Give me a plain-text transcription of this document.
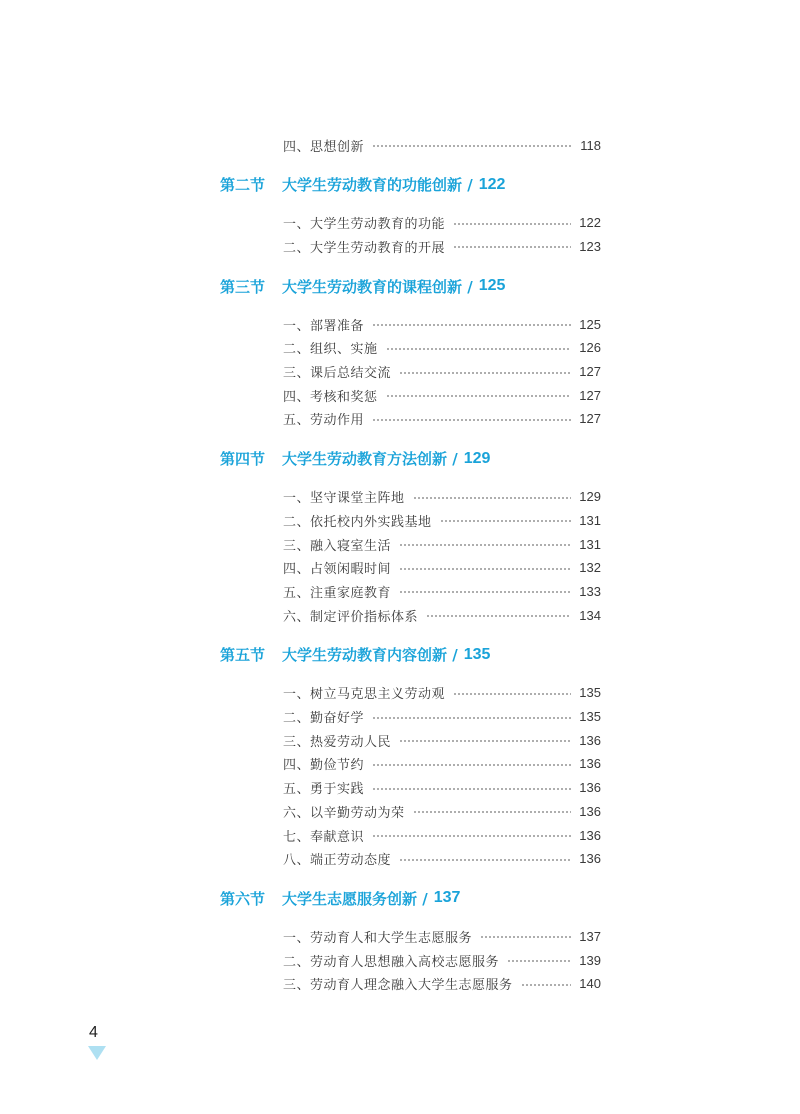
四、思想创新	118
第二节	大学生劳动教育的功能创新 / 122
一、大学生劳动教育的功能	122
二、大学生劳动教育的开展	123
第三节	大学生劳动教育的课程创新 / 125
一、部署准备	125
二、组织、实施	126
三、课后总结交流	127
四、考核和奖惩	127
五、劳动作用	127
第四节	大学生劳动教育方法创新 / 129
一、坚守课堂主阵地	129
二、依托校内外实践基地	131
三、融入寝室生活	131
四、占领闲暇时间	132
五、注重家庭教育	133
六、制定评价指标体系	134
第五节	大学生劳动教育内容创新 / 135
一、树立马克思主义劳动观	135
二、勤奋好学	135
三、热爱劳动人民	136
四、勤俭节约	136
五、勇于实践	136
六、以辛勤劳动为荣	136
七、奉献意识	136
八、端正劳动态度	136
第六节	大学生志愿服务创新 / 137
一、劳动育人和大学生志愿服务	137
二、劳动育人思想融入高校志愿服务	139
三、劳动育人理念融入大学生志愿服务	140
4
